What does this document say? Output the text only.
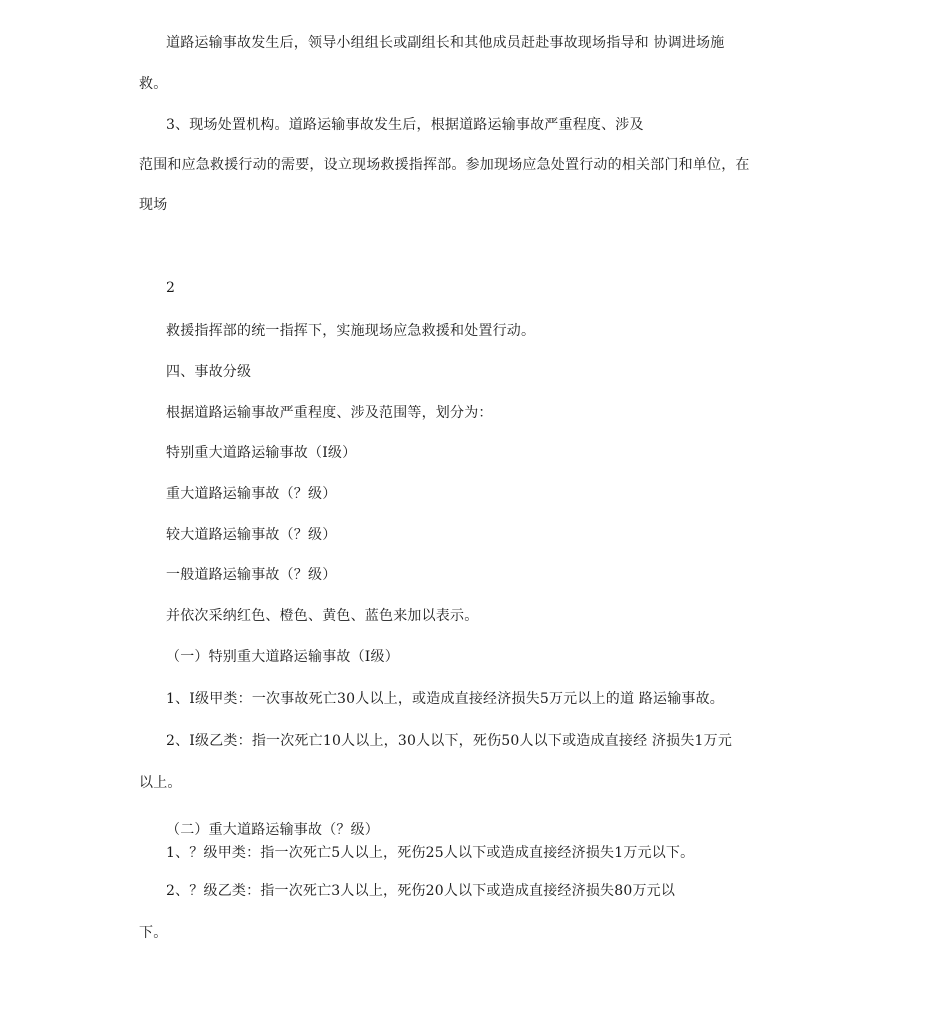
道路运输事故发生后，领导小组组长或副组长和其他成员赶赴事故现场指导和 协调进场施
救。
3、现场处置机构。道路运输事故发生后，根据道路运输事故严重程度、涉及
范围和应急救援行动的需要，设立现场救援指挥部。参加现场应急处置行动的相关部门和单位，在
现场
2
救援指挥部的统一指挥下，实施现场应急救援和处置行动。
四、事故分级
根据道路运输事故严重程度、涉及范围等，划分为：
特别重大道路运输事故（I级）
重大道路运输事故（？级）
较大道路运输事故（？级）
一般道路运输事故（？级）
并依次采纳红色、橙色、黄色、蓝色来加以表示。
（一）特别重大道路运输事故（I级）
1、I级甲类：一次事故死亡30人以上，或造成直接经济损失5万元以上的道 路运输事故。
2、I级乙类：指一次死亡10人以上，30人以下，死伤50人以下或造成直接经 济损失1万元
以上。
（二）重大道路运输事故（？级）
1、？级甲类：指一次死亡5人以上，死伤25人以下或造成直接经济损失1万元以下。
2、？级乙类：指一次死亡3人以上，死伤20人以下或造成直接经济损失80万元以
下。
